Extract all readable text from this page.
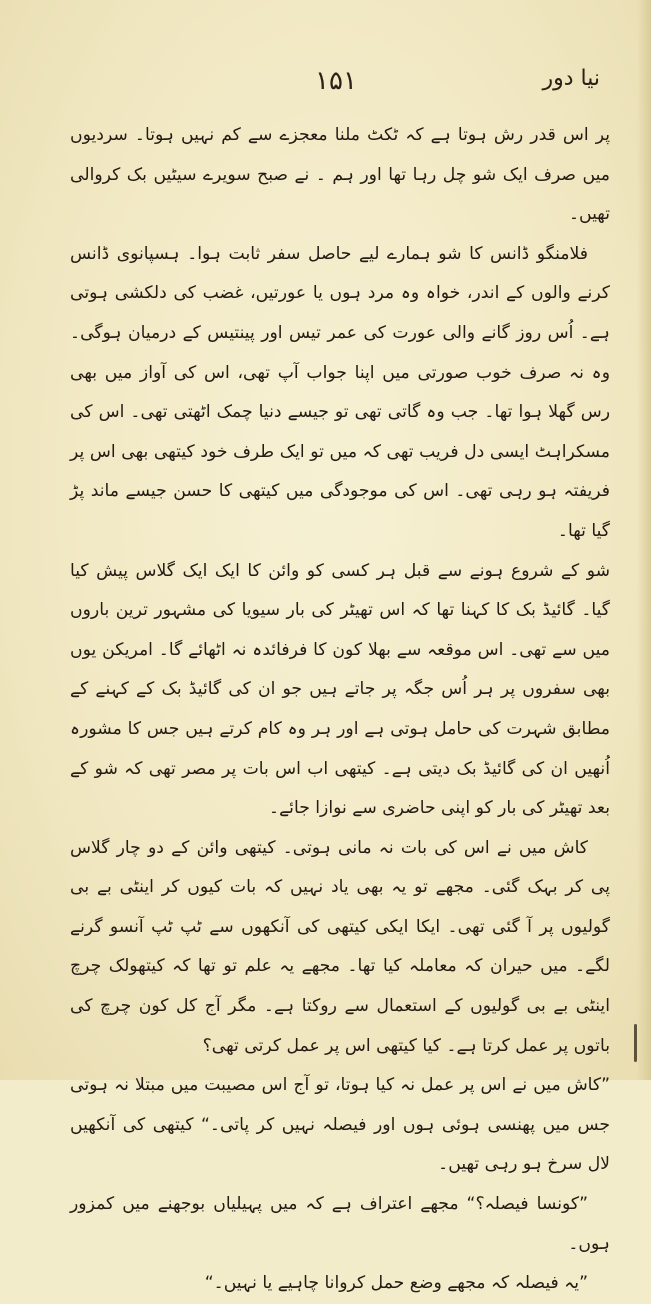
۱۵۱	نیا دور

پر اس قدر رش ہوتا ہے کہ ٹکٹ ملنا معجزے سے کم نہیں ہوتا۔ سردیوں میں صرف ایک شو چل رہا تھا اور ہم ۔ نے صبح سویرے سیٹیں بک کروالی تھیں۔

فلامنگو ڈانس کا شو ہمارے لیے حاصل سفر ثابت ہوا۔ ہسپانوی ڈانس کرنے والوں کے اندر، خواہ وہ مرد ہوں یا عورتیں، غضب کی دلکشی ہوتی ہے۔ اُس روز گانے والی عورت کی عمر تیس اور پینتیس کے درمیان ہوگی۔ وہ نہ صرف خوب صورتی میں اپنا جواب آپ تھی، اس کی آواز میں بھی رس گھلا ہوا تھا۔ جب وہ گاتی تھی تو جیسے دنیا چمک اٹھتی تھی۔ اس کی مسکراہٹ ایسی دل فریب تھی کہ میں تو ایک طرف خود کیتھی بھی اس پر فریفتہ ہو رہی تھی۔ اس کی موجودگی میں کیتھی کا حسن جیسے ماند پڑ گیا تھا۔

شو کے شروع ہونے سے قبل ہر کسی کو وائن کا ایک ایک گلاس پیش کیا گیا۔ گائیڈ بک کا کہنا تھا کہ اس تھیٹر کی بار سیویا کی مشہور ترین باروں میں سے تھی۔ اس موقعہ سے بھلا کون کا فرفائدہ نہ اٹھائے گا۔ امریکن یوں بھی سفروں پر ہر اُس جگہ پر جاتے ہیں جو ان کی گائیڈ بک کے کہنے کے مطابق شہرت کی حامل ہوتی ہے اور ہر وہ کام کرتے ہیں جس کا مشورہ اُنھیں ان کی گائیڈ بک دیتی ہے۔ کیتھی اب اس بات پر مصر تھی کہ شو کے بعد تھیٹر کی بار کو اپنی حاضری سے نوازا جائے۔

کاش میں نے اس کی بات نہ مانی ہوتی۔ کیتھی وائن کے دو چار گلاس پی کر بہک گئی۔ مجھے تو یہ بھی یاد نہیں کہ بات کیوں کر اینٹی بے بی گولیوں پر آ گئی تھی۔ ایکا ایکی کیتھی کی آنکھوں سے ٹپ ٹپ آنسو گرنے لگے۔ میں حیران کہ معاملہ کیا تھا۔ مجھے یہ علم تو تھا کہ کیتھولک چرچ اینٹی بے بی گولیوں کے استعمال سے روکتا ہے۔ مگر آج کل کون چرچ کی باتوں پر عمل کرتا ہے۔ کیا کیتھی اس پر عمل کرتی تھی؟

”کاش میں نے اس پر عمل نہ کیا ہوتا، تو آج اس مصیبت میں مبتلا نہ ہوتی جس میں پھنسی ہوئی ہوں اور فیصلہ نہیں کر پاتی۔“ کیتھی کی آنکھیں لال سرخ ہو رہی تھیں۔

”کونسا فیصلہ؟“ مجھے اعتراف ہے کہ میں پہیلیاں بوجھنے میں کمزور ہوں۔

”یہ فیصلہ کہ مجھے وضع حمل کروانا چاہیے یا نہیں۔“
